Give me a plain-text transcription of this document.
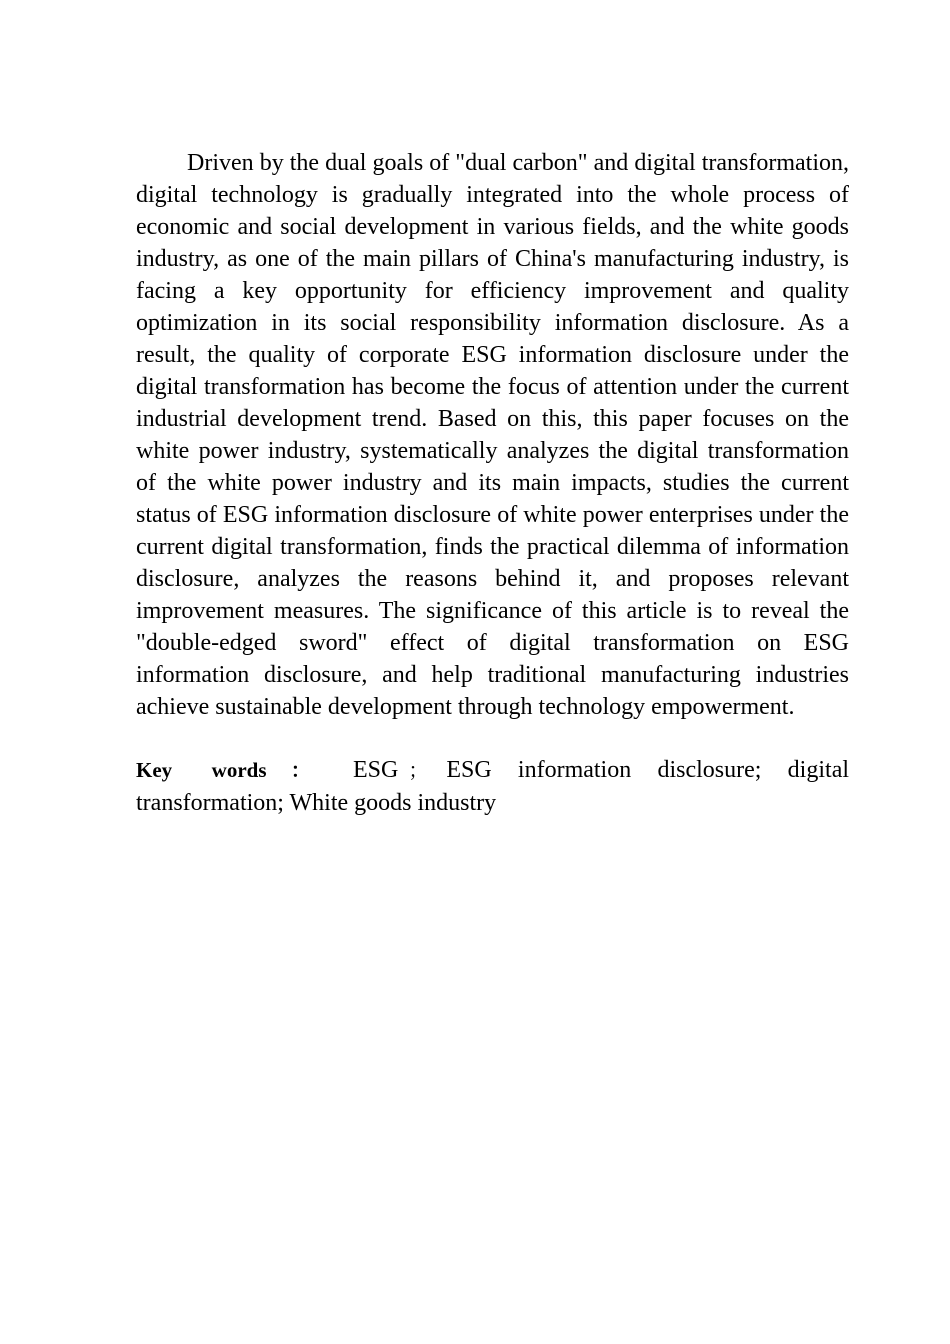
Driven by the dual goals of "dual carbon" and digital transformation, digital technology is gradually integrated into the whole process of economic and social development in various fields, and the white goods industry, as one of the main pillars of China's manufacturing industry, is facing a key opportunity for efficiency improvement and quality optimization in its social responsibility information disclosure. As a result, the quality of corporate ESG information disclosure under the digital transformation has become the focus of attention under the current industrial development trend. Based on this, this paper focuses on the white power industry, systematically analyzes the digital transformation of the white power industry and its main impacts, studies the current status of ESG information disclosure of white power enterprises under the current digital transformation, finds the practical dilemma of information disclosure, analyzes the reasons behind it, and proposes relevant improvement measures. The significance of this article is to reveal the "double-edged sword" effect of digital transformation on ESG information disclosure, and help traditional manufacturing industries achieve sustainable development through technology empowerment.

Key words ： ESG ； ESG information disclosure; digital transformation; White goods industry
